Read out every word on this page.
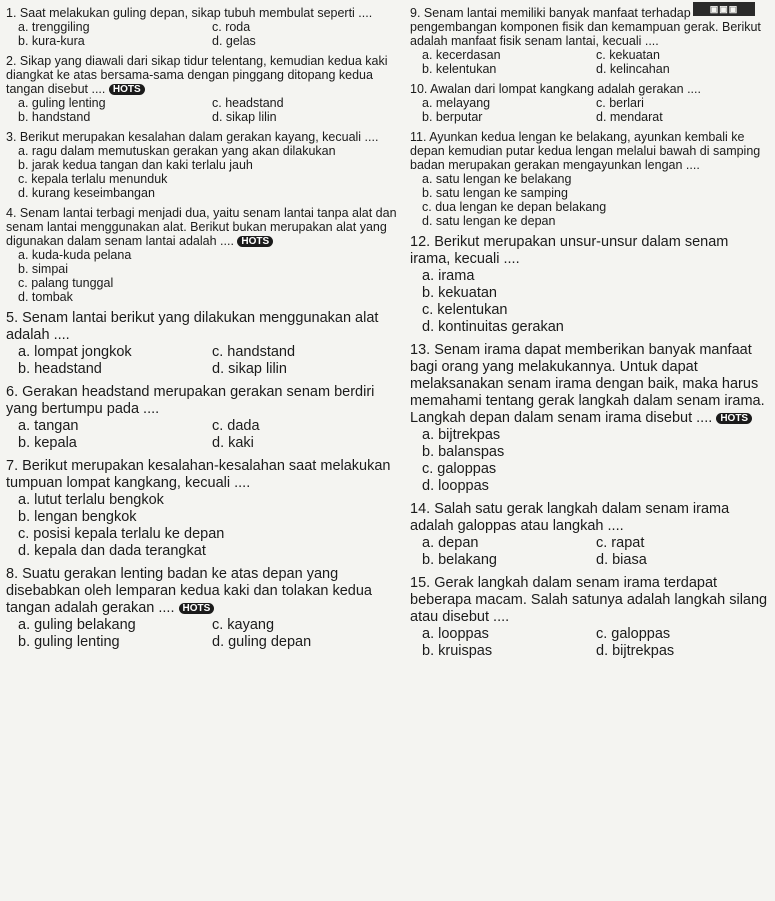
▣▣▣
1. Saat melakukan guling depan, sikap tubuh membulat seperti ....
a. trenggiling	c. roda
b. kura-kura	d. gelas
2. Sikap yang diawali dari sikap tidur telentang, kemudian kedua kaki diangkat ke atas bersama-sama dengan pinggang ditopang kedua tangan disebut .... HOTS
a. guling lenting	c. headstand
b. handstand	d. sikap lilin
3. Berikut merupakan kesalahan dalam gerakan kayang, kecuali ....
a. ragu dalam memutuskan gerakan yang akan dilakukan
b. jarak kedua tangan dan kaki terlalu jauh
c. kepala terlalu menunduk
d. kurang keseimbangan
4. Senam lantai terbagi menjadi dua, yaitu senam lantai tanpa alat dan senam lantai menggunakan alat. Berikut bukan merupakan alat yang digunakan dalam senam lantai adalah .... HOTS
a. kuda-kuda pelana
b. simpai
c. palang tunggal
d. tombak
5. Senam lantai berikut yang dilakukan menggunakan alat adalah ....
a. lompat jongkok	c. handstand
b. headstand	d. sikap lilin
6. Gerakan headstand merupakan gerakan senam berdiri yang bertumpu pada ....
a. tangan	c. dada
b. kepala	d. kaki
7. Berikut merupakan kesalahan-kesalahan saat melakukan tumpuan lompat kangkang, kecuali ....
a. lutut terlalu bengkok
b. lengan bengkok
c. posisi kepala terlalu ke depan
d. kepala dan dada terangkat
8. Suatu gerakan lenting badan ke atas depan yang disebabkan oleh lemparan kedua kaki dan tolakan kedua tangan adalah gerakan .... HOTS
a. guling belakang	c. kayang
b. guling lenting	d. guling depan
9. Senam lantai memiliki banyak manfaat terhadap pengembangan komponen fisik dan kemampuan gerak. Berikut adalah manfaat fisik senam lantai, kecuali ....
a. kecerdasan	c. kekuatan
b. kelentukan	d. kelincahan
10. Awalan dari lompat kangkang adalah gerakan ....
a. melayang	c. berlari
b. berputar	d. mendarat
11. Ayunkan kedua lengan ke belakang, ayunkan kembali ke depan kemudian putar kedua lengan melalui bawah di samping badan merupakan gerakan mengayunkan lengan ....
a. satu lengan ke belakang
b. satu lengan ke samping
c. dua lengan ke depan belakang
d. satu lengan ke depan
12. Berikut merupakan unsur-unsur dalam senam irama, kecuali ....
a. irama
b. kekuatan
c. kelentukan
d. kontinuitas gerakan
13. Senam irama dapat memberikan banyak manfaat bagi orang yang melakukannya. Untuk dapat melaksanakan senam irama dengan baik, maka harus memahami tentang gerak langkah dalam senam irama. Langkah depan dalam senam irama disebut .... HOTS
a. bijtrekpas
b. balanspas
c. galoppas
d. looppas
14. Salah satu gerak langkah dalam senam irama adalah galoppas atau langkah ....
a. depan	c. rapat
b. belakang	d. biasa
15. Gerak langkah dalam senam irama terdapat beberapa macam. Salah satunya adalah langkah silang atau disebut ....
a. looppas	c. galoppas
b. kruispas	d. bijtrekpas
